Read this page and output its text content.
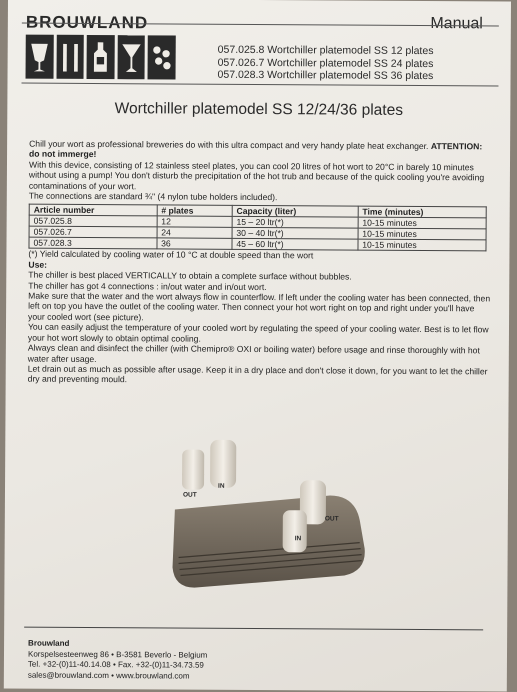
BROUWLAND	Manual
057.025.8 Wortchiller platemodel SS 12 plates
057.026.7 Wortchiller platemodel SS 24 plates
057.028.3 Wortchiller platemodel SS 36 plates
Wortchiller platemodel SS 12/24/36 plates

Chill your wort as professional breweries do with this ultra compact and very handy plate heat exchanger. ATTENTION: do not immerge!

With this device, consisting of 12 stainless steel plates, you can cool 20 litres of hot wort to 20°C in barely 10 minutes without using a pump! You don't disturb the precipitation of the hot trub and because of the quick cooling you're avoiding contaminations of your wort.

The connections are standard ¾" (4 nylon tube holders included).

Article number	# plates	Capacity (liter)	Time (minutes)
057.025.8	12	15 – 20 ltr(*)	10-15 minutes
057.026.7	24	30 – 40 ltr(*)	10-15 minutes
057.028.3	36	45 – 60 ltr(*)	10-15 minutes

(*) Yield calculated by cooling water of 10 °C at double speed than the wort

Use:

The chiller is best placed VERTICALLY to obtain a complete surface without bubbles.

The chiller has got 4 connections : in/out water and in/out wort.

Make sure that the water and the wort always flow in counterflow. If left under the cooling water has been connected, then left on top you have the outlet of the cooling water. Then connect your hot wort right on top and right under you'll have your cooled wort (see picture).

You can easily adjust the temperature of your cooled wort by regulating the speed of your cooling water. Best is to let flow your hot wort slowly to obtain optimal cooling.

Always clean and disinfect the chiller (with Chemipro® OXI or boiling water) before usage and rinse thoroughly with hot water after usage.

Let drain out as much as possible after usage. Keep it in a dry place and don't close it down, for you want to let the chiller dry and preventing mould.

IN
OUT
OUT
IN
Brouwland
Korspelsesteenweg 86 • B-3581 Beverlo - Belgium
Tel. +32-(0)11-40.14.08 • Fax. +32-(0)11-34.73.59
sales@brouwland.com • www.brouwland.com
